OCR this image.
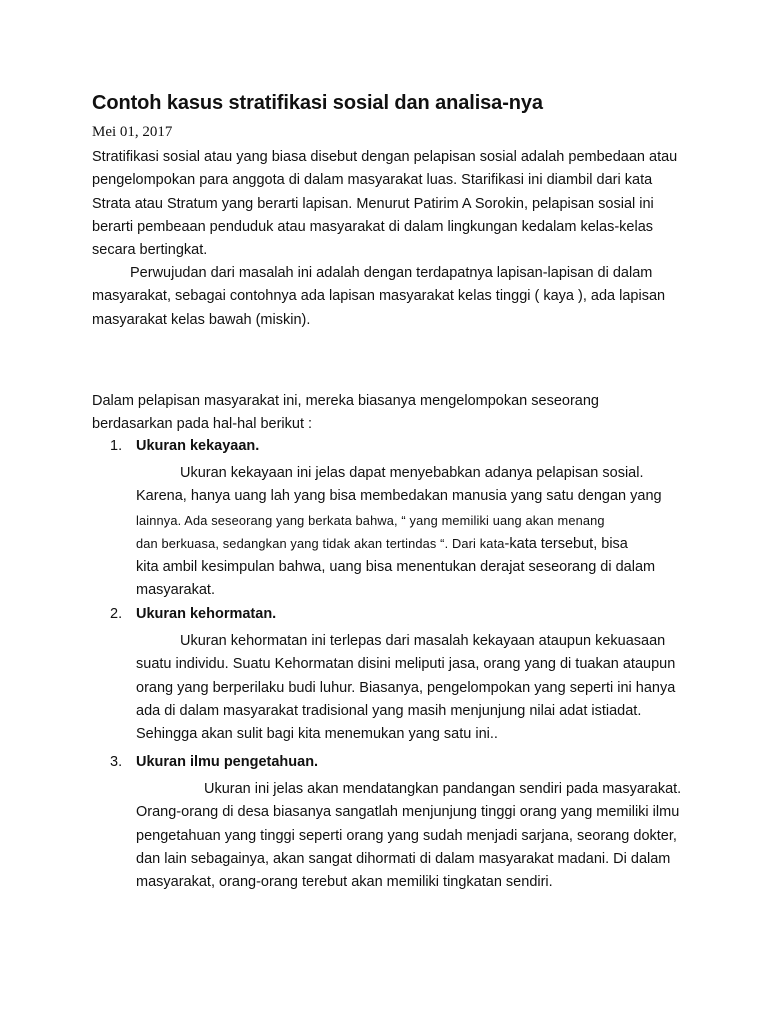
Contoh kasus stratifikasi sosial dan analisa-nya
Mei 01, 2017
Stratifikasi sosial atau yang biasa disebut dengan pelapisan sosial adalah pembedaan atau
pengelompokan para anggota di dalam masyarakat luas. Starifikasi ini diambil dari kata
Strata atau Stratum yang berarti lapisan. Menurut Patirim A Sorokin, pelapisan sosial ini
berarti pembeaan penduduk atau masyarakat di dalam lingkungan kedalam kelas-kelas
secara bertingkat.
Perwujudan dari masalah ini adalah dengan terdapatnya lapisan-lapisan di dalam
masyarakat, sebagai contohnya ada lapisan masyarakat kelas tinggi ( kaya ), ada lapisan
masyarakat kelas bawah (miskin).
Dalam pelapisan masyarakat ini, mereka biasanya mengelompokan seseorang
berdasarkan pada hal-hal berikut :
1. Ukuran kekayaan.
Ukuran kekayaan ini jelas dapat menyebabkan adanya pelapisan sosial.
Karena, hanya uang lah yang bisa membedakan manusia yang satu dengan yang
lainnya. Ada seseorang yang berkata bahwa, “ yang memiliki uang akan menang
dan berkuasa, sedangkan yang tidak akan tertindas “. Dari kata-kata tersebut, bisa
kita ambil kesimpulan bahwa, uang bisa menentukan derajat seseorang di dalam
masyarakat.
2. Ukuran kehormatan.
Ukuran kehormatan ini terlepas dari masalah kekayaan ataupun kekuasaan
suatu individu. Suatu Kehormatan disini meliputi jasa, orang yang di tuakan ataupun
orang yang berperilaku budi luhur. Biasanya, pengelompokan yang seperti ini hanya
ada di dalam masyarakat tradisional yang masih menjunjung nilai adat istiadat.
Sehingga akan sulit bagi kita menemukan yang satu ini..
3. Ukuran ilmu pengetahuan.
Ukuran ini jelas akan mendatangkan pandangan sendiri pada masyarakat.
Orang-orang di desa biasanya sangatlah menjunjung tinggi orang yang memiliki ilmu
pengetahuan yang tinggi seperti orang yang sudah menjadi sarjana, seorang dokter,
dan lain sebagainya, akan sangat dihormati di dalam masyarakat madani. Di dalam
masyarakat, orang-orang terebut akan memiliki tingkatan sendiri.
